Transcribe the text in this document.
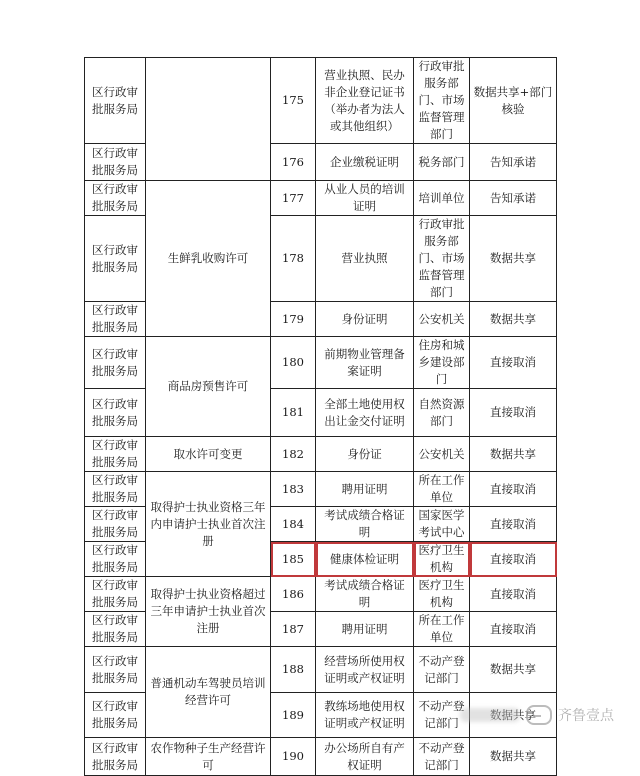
区行政审批服务局		175	营业执照、民办非企业登记证书（举办者为法人或其他组织）	行政审批服务部门、市场监督管理部门	数据共享+部门核验
区行政审批服务局		176	企业缴税证明	税务部门	告知承诺
区行政审批服务局	生鲜乳收购许可	177	从业人员的培训证明	培训单位	告知承诺
区行政审批服务局		178	营业执照	行政审批服务部门、市场监督管理部门	数据共享
区行政审批服务局		179	身份证明	公安机关	数据共享
区行政审批服务局	商品房预售许可	180	前期物业管理备案证明	住房和城乡建设部门	直接取消
区行政审批服务局		181	全部土地使用权出让金交付证明	自然资源部门	直接取消
区行政审批服务局	取水许可变更	182	身份证	公安机关	数据共享
区行政审批服务局	取得护士执业资格三年内申请护士执业首次注册	183	聘用证明	所在工作单位	直接取消
区行政审批服务局		184	考试成绩合格证明	国家医学考试中心	直接取消
区行政审批服务局		185	健康体检证明	医疗卫生机构	直接取消
区行政审批服务局	取得护士执业资格超过三年申请护士执业首次注册	186	考试成绩合格证明	医疗卫生机构	直接取消
区行政审批服务局		187	聘用证明	所在工作单位	直接取消
区行政审批服务局	普通机动车驾驶员培训经营许可	188	经营场所使用权证明或产权证明	不动产登记部门	数据共享
区行政审批服务局		189	教练场地使用权证明或产权证明	不动产登记部门	数据共享
区行政审批服务局	农作物种子生产经营许可	190	办公场所自有产权证明	不动产登记部门	数据共享
齐鲁壹点
